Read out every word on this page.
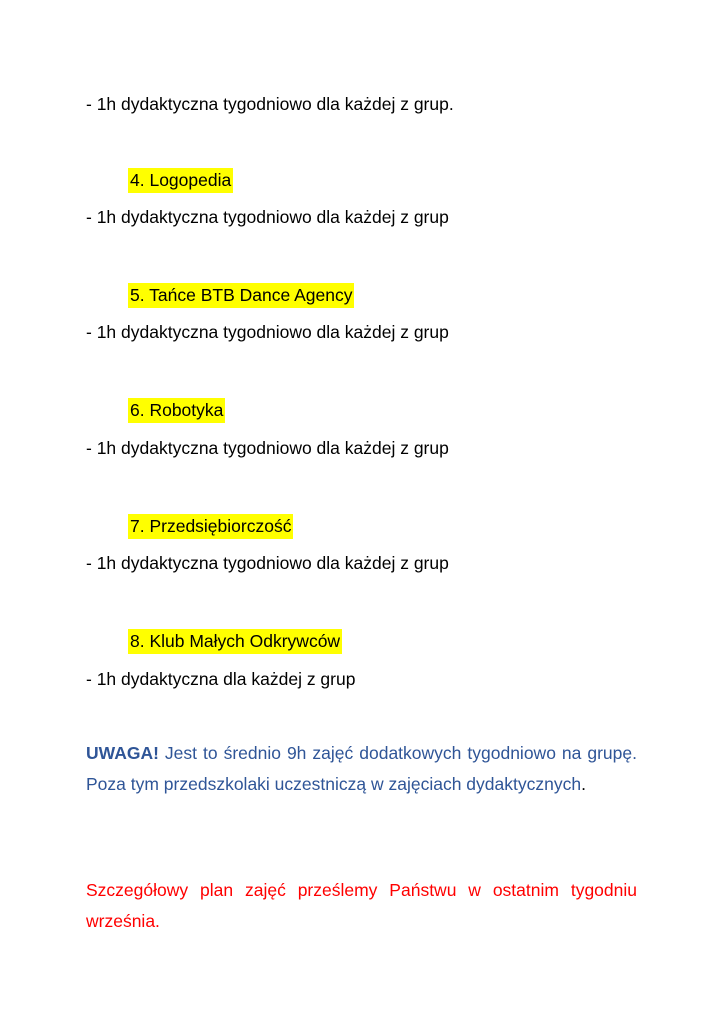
- 1h dydaktyczna tygodniowo dla każdej z grup.
4. Logopedia
- 1h dydaktyczna tygodniowo dla każdej z grup
5. Tańce BTB Dance Agency
- 1h dydaktyczna tygodniowo dla każdej z grup
6. Robotyka
- 1h dydaktyczna tygodniowo dla każdej z grup
7. Przedsiębiorczość
- 1h dydaktyczna tygodniowo dla każdej z grup
8. Klub Małych Odkrywców
- 1h dydaktyczna dla każdej z grup
UWAGA! Jest to średnio 9h zajęć dodatkowych tygodniowo na grupę. Poza tym przedszkolaki uczestniczą w zajęciach dydaktycznych.
Szczegółowy plan zajęć prześlemy Państwu w ostatnim tygodniu września.
